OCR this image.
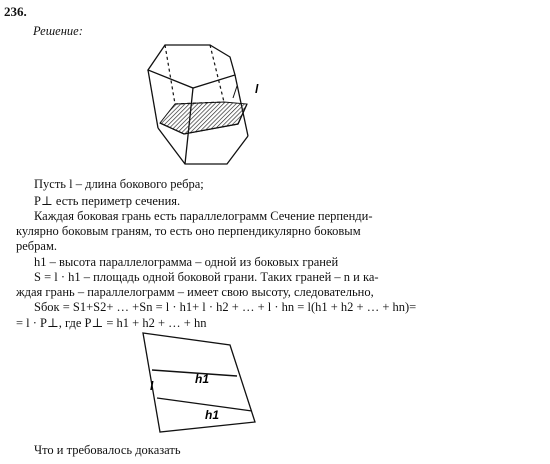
236.
Решение:
l
Пусть l – длина бокового ребра;
P⊥ есть периметр сечения.
Каждая боковая грань есть параллелограмм Сечение перпенди-
кулярно боковым граням, то есть оно перпендикулярно боковым
ребрам.
h1 – высота параллелограмма – одной из боковых граней
S = l · h1 – площадь одной боковой грани. Таких граней – n и ка-
ждая грань – параллелограмм – имеет свою высоту, следовательно,
Sбок = S1+S2+ … +Sn = l · h1+ l · h2 + … + l · hn = l(h1 + h2 + … + hn)=
= l · P⊥, где P⊥ = h1 + h2 + … + hn
l	h1
h1
Что и требовалось доказать
